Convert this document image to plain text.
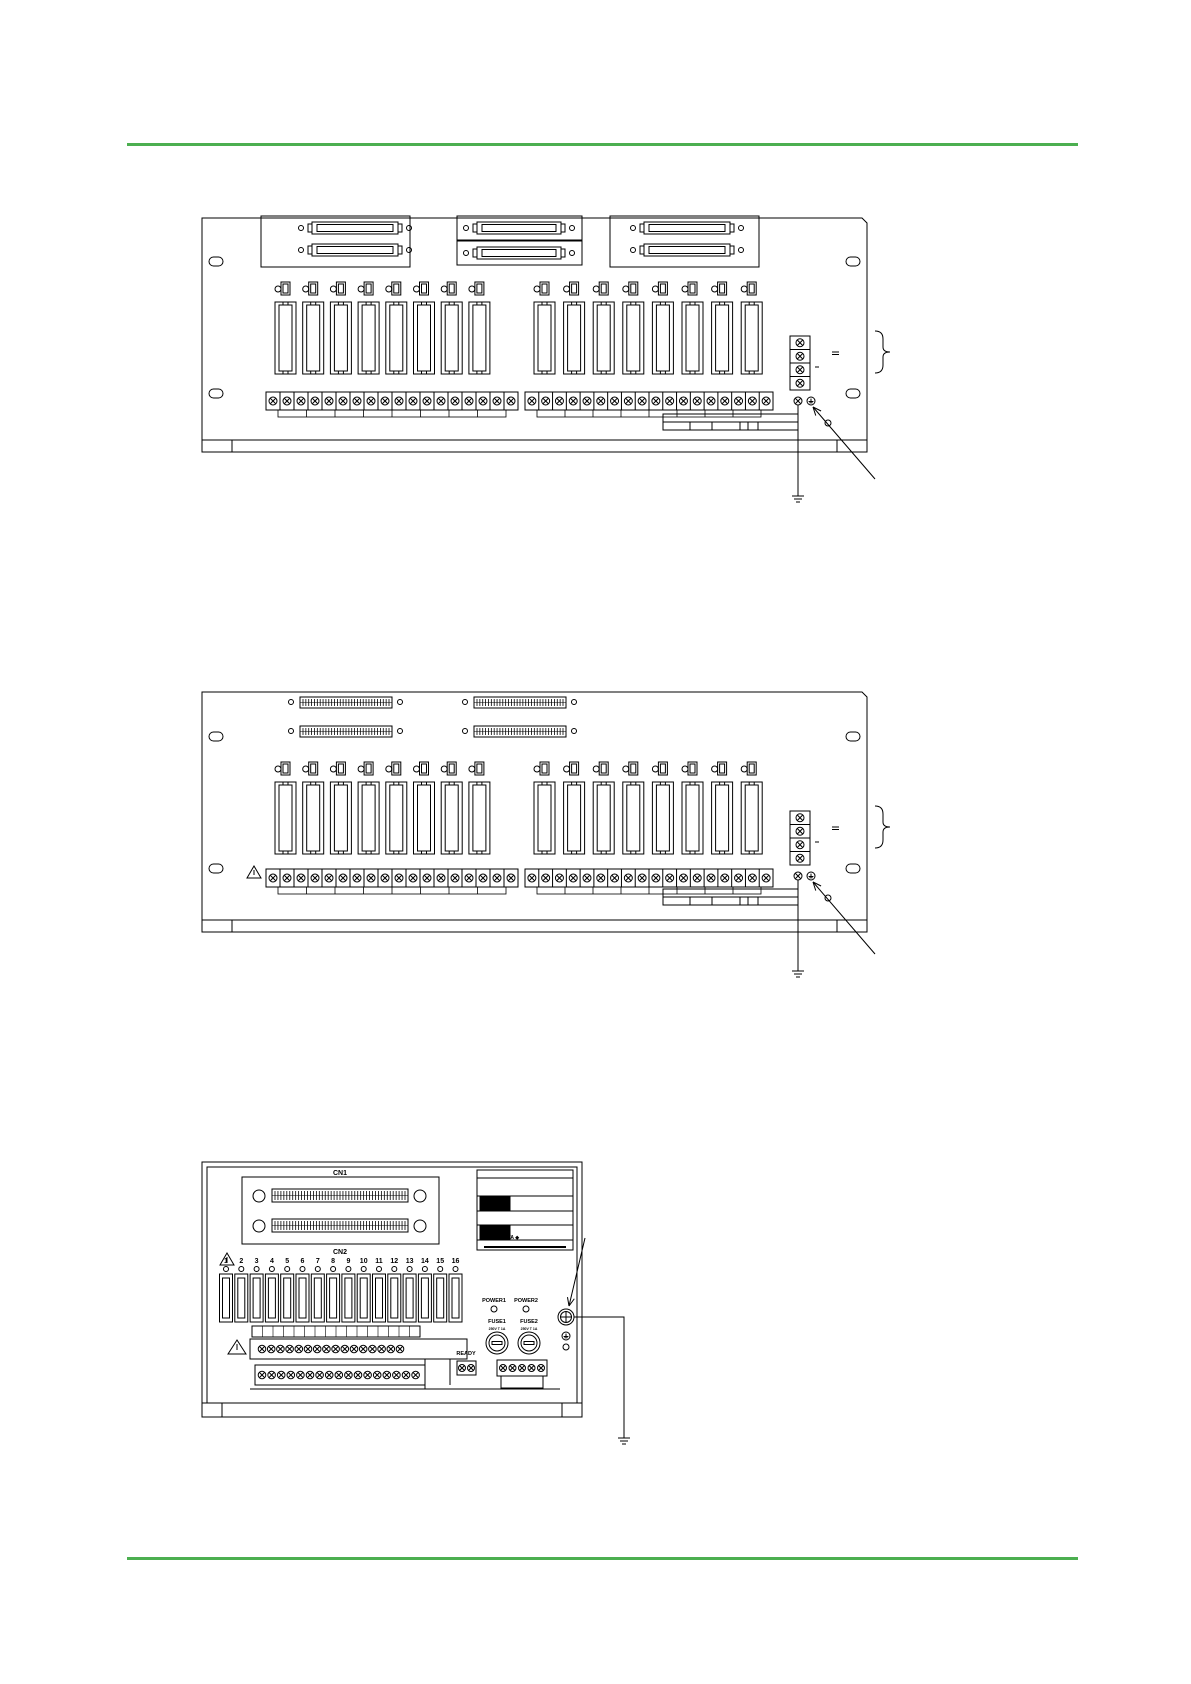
CN1
CN2
YOKOGAWA ◆
POWER1 POWER2
FUSE1	FUSE2
250V T 1A	250V T 1A
READY
1 2 3 4 5 6 7 8 9 10 11 12 13 14 15 16
